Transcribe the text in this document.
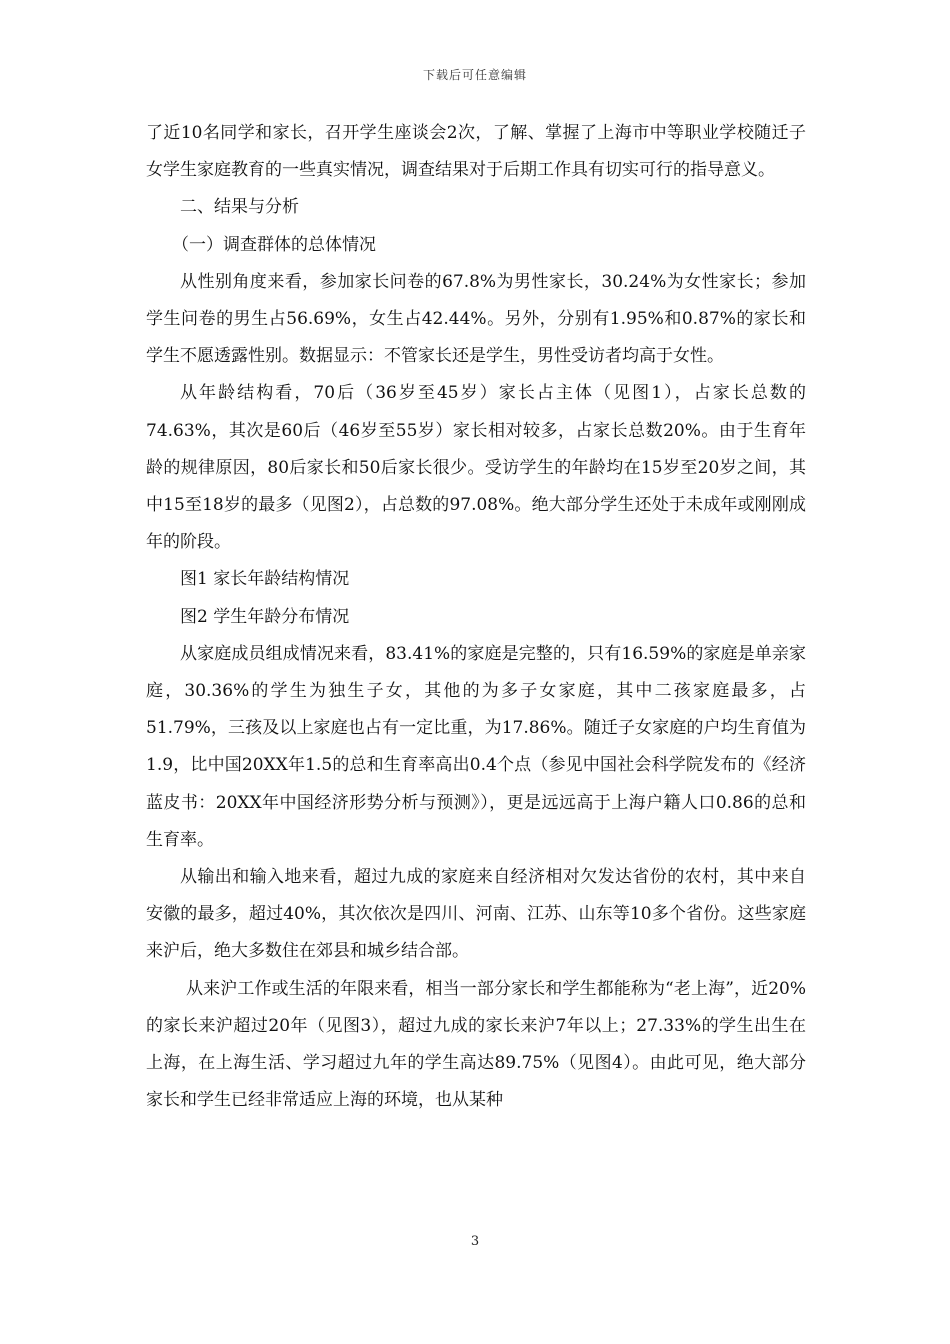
下载后可任意编辑

了近10名同学和家长，召开学生座谈会2次，了解、掌握了上海市中等职业学校随迁子女学生家庭教育的一些真实情况，调查结果对于后期工作具有切实可行的指导意义。

二、结果与分析

（一）调查群体的总体情况

从性别角度来看，参加家长问卷的67.8%为男性家长，30.24%为女性家长；参加学生问卷的男生占56.69%，女生占42.44%。另外，分别有1.95%和0.87%的家长和学生不愿透露性别。数据显示：不管家长还是学生，男性受访者均高于女性。

从年龄结构看，70后（36岁至45岁）家长占主体（见图1），占家长总数的74.63%，其次是60后（46岁至55岁）家长相对较多，占家长总数20%。由于生育年龄的规律原因，80后家长和50后家长很少。受访学生的年龄均在15岁至20岁之间，其中15至18岁的最多（见图2），占总数的97.08%。绝大部分学生还处于未成年或刚刚成年的阶段。

图1 家长年龄结构情况

图2 学生年龄分布情况

从家庭成员组成情况来看，83.41%的家庭是完整的，只有16.59%的家庭是单亲家庭，30.36%的学生为独生子女，其他的为多子女家庭，其中二孩家庭最多，占51.79%，三孩及以上家庭也占有一定比重，为17.86%。随迁子女家庭的户均生育值为1.9，比中国20XX年1.5的总和生育率高出0.4个点（参见中国社会科学院发布的《经济蓝皮书：20XX年中国经济形势分析与预测》），更是远远高于上海户籍人口0.86的总和生育率。

从输出和输入地来看，超过九成的家庭来自经济相对欠发达省份的农村，其中来自安徽的最多，超过40%，其次依次是四川、河南、江苏、山东等10多个省份。这些家庭来沪后，绝大多数住在郊县和城乡结合部。

从来沪工作或生活的年限来看，相当一部分家长和学生都能称为“老上海”，近20%的家长来沪超过20年（见图3），超过九成的家长来沪7年以上；27.33%的学生出生在上海，在上海生活、学习超过九年的学生高达89.75%（见图4）。由此可见，绝大部分家长和学生已经非常适应上海的环境，也从某种

3
